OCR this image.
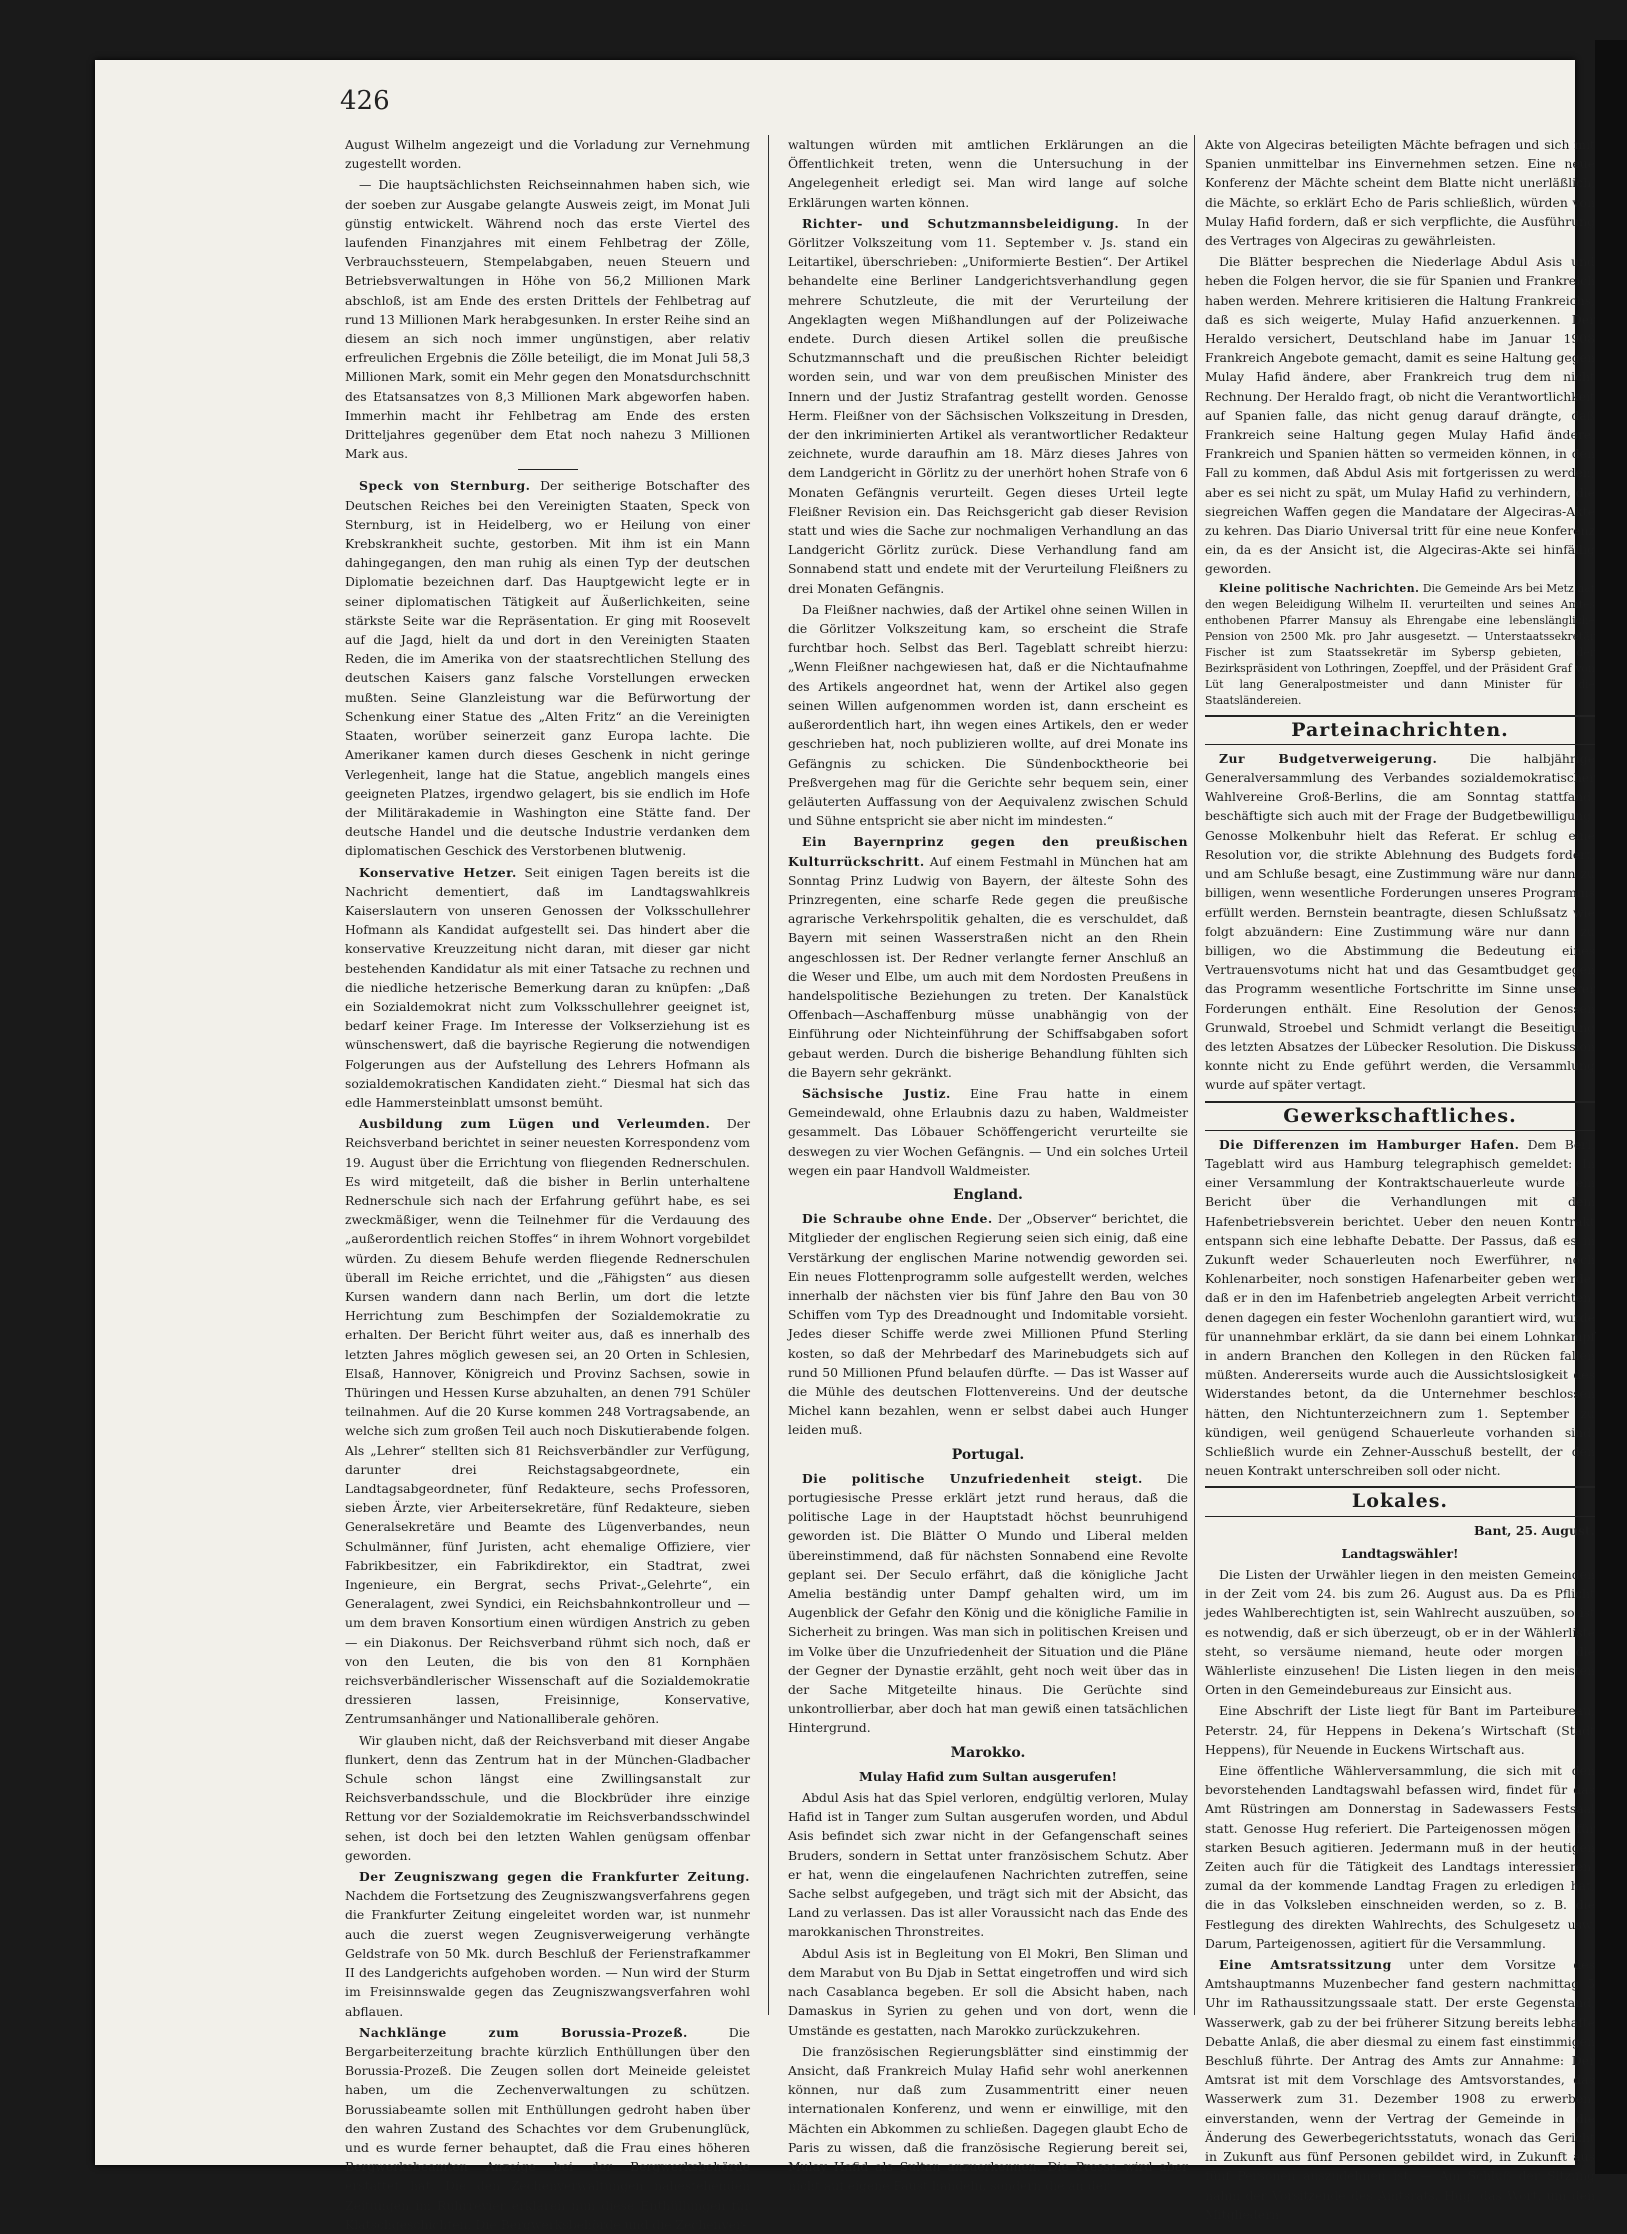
426

August Wilhelm angezeigt und die Vorladung zur Vernehmung zugestellt worden.

— Die hauptsächlichsten Reichseinnahmen haben sich, wie der soeben zur Ausgabe gelangte Ausweis zeigt, im Monat Juli günstig entwickelt. Während noch das erste Viertel des laufenden Finanzjahres mit einem Fehlbetrag der Zölle, Verbrauchssteuern, Stempelabgaben, neuen Steuern und Betriebsverwaltungen in Höhe von 56,2 Millionen Mark abschloß, ist am Ende des ersten Drittels der Fehlbetrag auf rund 13 Millionen Mark herabgesunken. In erster Reihe sind an diesem an sich noch immer ungünstigen, aber relativ erfreulichen Ergebnis die Zölle beteiligt, die im Monat Juli 58,3 Millionen Mark, somit ein Mehr gegen den Monatsdurchschnitt des Etatsansatzes von 8,3 Millionen Mark abgeworfen haben. Immerhin macht ihr Fehlbetrag am Ende des ersten Dritteljahres gegenüber dem Etat noch nahezu 3 Millionen Mark aus.

Speck von Sternburg. Der seitherige Botschafter des Deutschen Reiches bei den Vereinigten Staaten, Speck von Sternburg, ist in Heidelberg, wo er Heilung von einer Krebskrankheit suchte, gestorben. Mit ihm ist ein Mann dahingegangen, den man ruhig als einen Typ der deutschen Diplomatie bezeichnen darf. Das Hauptgewicht legte er in seiner diplomatischen Tätigkeit auf Äußerlichkeiten, seine stärkste Seite war die Repräsentation. Er ging mit Roosevelt auf die Jagd, hielt da und dort in den Vereinigten Staaten Reden, die im Amerika von der staatsrechtlichen Stellung des deutschen Kaisers ganz falsche Vorstellungen erwecken mußten. Seine Glanzleistung war die Befürwortung der Schenkung einer Statue des „Alten Fritz“ an die Vereinigten Staaten, worüber seinerzeit ganz Europa lachte. Die Amerikaner kamen durch dieses Geschenk in nicht geringe Verlegenheit, lange hat die Statue, angeblich mangels eines geeigneten Platzes, irgendwo gelagert, bis sie endlich im Hofe der Militärakademie in Washington eine Stätte fand. Der deutsche Handel und die deutsche Industrie verdanken dem diplomatischen Geschick des Verstorbenen blutwenig.

Konservative Hetzer. Seit einigen Tagen bereits ist die Nachricht dementiert, daß im Landtagswahlkreis Kaiserslautern von unseren Genossen der Volksschullehrer Hofmann als Kandidat aufgestellt sei. Das hindert aber die konservative Kreuzzeitung nicht daran, mit dieser gar nicht bestehenden Kandidatur als mit einer Tatsache zu rechnen und die niedliche hetzerische Bemerkung daran zu knüpfen: „Daß ein Sozialdemokrat nicht zum Volksschullehrer geeignet ist, bedarf keiner Frage. Im Interesse der Volkserziehung ist es wünschenswert, daß die bayrische Regierung die notwendigen Folgerungen aus der Aufstellung des Lehrers Hofmann als sozialdemokratischen Kandidaten zieht.“ Diesmal hat sich das edle Hammersteinblatt umsonst bemüht.

Ausbildung zum Lügen und Verleumden. Der Reichsverband berichtet in seiner neuesten Korrespondenz vom 19. August über die Errichtung von fliegenden Rednerschulen. Es wird mitgeteilt, daß die bisher in Berlin unterhaltene Rednerschule sich nach der Erfahrung geführt habe, es sei zweckmäßiger, wenn die Teilnehmer für die Verdauung des „außerordentlich reichen Stoffes“ in ihrem Wohnort vorgebildet würden. Zu diesem Behufe werden fliegende Rednerschulen überall im Reiche errichtet, und die „Fähigsten“ aus diesen Kursen wandern dann nach Berlin, um dort die letzte Herrichtung zum Beschimpfen der Sozialdemokratie zu erhalten. Der Bericht führt weiter aus, daß es innerhalb des letzten Jahres möglich gewesen sei, an 20 Orten in Schlesien, Elsaß, Hannover, Königreich und Provinz Sachsen, sowie in Thüringen und Hessen Kurse abzuhalten, an denen 791 Schüler teilnahmen. Auf die 20 Kurse kommen 248 Vortragsabende, an welche sich zum großen Teil auch noch Diskutierabende folgen. Als „Lehrer“ stellten sich 81 Reichsverbändler zur Verfügung, darunter drei Reichstagsabgeordnete, ein Landtagsabgeordneter, fünf Redakteure, sechs Professoren, sieben Ärzte, vier Arbeitersekretäre, fünf Redakteure, sieben Generalsekretäre und Beamte des Lügenverbandes, neun Schulmänner, fünf Juristen, acht ehemalige Offiziere, vier Fabrikbesitzer, ein Fabrikdirektor, ein Stadtrat, zwei Ingenieure, ein Bergrat, sechs Privat-„Gelehrte“, ein Generalagent, zwei Syndici, ein Reichsbahnkontrolleur und — um dem braven Konsortium einen würdigen Anstrich zu geben — ein Diakonus. Der Reichsverband rühmt sich noch, daß er von den Leuten, die bis von den 81 Kornphäen reichsverbändlerischer Wissenschaft auf die Sozialdemokratie dressieren lassen, Freisinnige, Konservative, Zentrumsanhänger und Nationalliberale gehören.

Wir glauben nicht, daß der Reichsverband mit dieser Angabe flunkert, denn das Zentrum hat in der München-Gladbacher Schule schon längst eine Zwillingsanstalt zur Reichsverbandsschule, und die Blockbrüder ihre einzige Rettung vor der Sozialdemokratie im Reichsverbandsschwindel sehen, ist doch bei den letzten Wahlen genügsam offenbar geworden.

Der Zeugniszwang gegen die Frankfurter Zeitung. Nachdem die Fortsetzung des Zeugniszwangsverfahrens gegen die Frankfurter Zeitung eingeleitet worden war, ist nunmehr auch die zuerst wegen Zeugnisverweigerung verhängte Geldstrafe von 50 Mk. durch Beschluß der Ferienstrafkammer II des Landgerichts aufgehoben worden. — Nun wird der Sturm im Freisinnswalde gegen das Zeugniszwangsverfahren wohl abflauen.

Nachklänge zum Borussia-Prozeß. Die Bergarbeiterzeitung brachte kürzlich Enthüllungen über den Borussia-Prozeß. Die Zeugen sollen dort Meineide geleistet haben, um die Zechenverwaltungen zu schützen. Borussiabeamte sollen mit Enthüllungen gedroht haben über den wahren Zustand des Schachtes vor dem Grubenunglück, und es wurde ferner behauptet, daß die Frau eines höheren Bergwerksbeamten Anzeige bei der Bergwerksbehörde erstattet hat. Die den Zechenverwaltungen nahestehenden Zeitungen im Ruhrrevier erklären nun diese Enthüllungen für Klatschgeschichten. Die Bergwerksbehörde und die Zechenver-

waltungen würden mit amtlichen Erklärungen an die Öffentlichkeit treten, wenn die Untersuchung in der Angelegenheit erledigt sei. Man wird lange auf solche Erklärungen warten können.

Richter- und Schutzmannsbeleidigung. In der Görlitzer Volkszeitung vom 11. September v. Js. stand ein Leitartikel, überschrieben: „Uniformierte Bestien“. Der Artikel behandelte eine Berliner Landgerichtsverhandlung gegen mehrere Schutzleute, die mit der Verurteilung der Angeklagten wegen Mißhandlungen auf der Polizeiwache endete. Durch diesen Artikel sollen die preußische Schutzmannschaft und die preußischen Richter beleidigt worden sein, und war von dem preußischen Minister des Innern und der Justiz Strafantrag gestellt worden. Genosse Herm. Fleißner von der Sächsischen Volkszeitung in Dresden, der den inkriminierten Artikel als verantwortlicher Redakteur zeichnete, wurde daraufhin am 18. März dieses Jahres von dem Landgericht in Görlitz zu der unerhört hohen Strafe von 6 Monaten Gefängnis verurteilt. Gegen dieses Urteil legte Fleißner Revision ein. Das Reichsgericht gab dieser Revision statt und wies die Sache zur nochmaligen Verhandlung an das Landgericht Görlitz zurück. Diese Verhandlung fand am Sonnabend statt und endete mit der Verurteilung Fleißners zu drei Monaten Gefängnis.

Da Fleißner nachwies, daß der Artikel ohne seinen Willen in die Görlitzer Volkszeitung kam, so erscheint die Strafe furchtbar hoch. Selbst das Berl. Tageblatt schreibt hierzu: „Wenn Fleißner nachgewiesen hat, daß er die Nichtaufnahme des Artikels angeordnet hat, wenn der Artikel also gegen seinen Willen aufgenommen worden ist, dann erscheint es außerordentlich hart, ihn wegen eines Artikels, den er weder geschrieben hat, noch publizieren wollte, auf drei Monate ins Gefängnis zu schicken. Die Sündenbocktheorie bei Preßvergehen mag für die Gerichte sehr bequem sein, einer geläuterten Auffassung von der Aequivalenz zwischen Schuld und Sühne entspricht sie aber nicht im mindesten.“

Ein Bayernprinz gegen den preußischen Kulturrückschritt. Auf einem Festmahl in München hat am Sonntag Prinz Ludwig von Bayern, der älteste Sohn des Prinzregenten, eine scharfe Rede gegen die preußische agrarische Verkehrspolitik gehalten, die es verschuldet, daß Bayern mit seinen Wasserstraßen nicht an den Rhein angeschlossen ist. Der Redner verlangte ferner Anschluß an die Weser und Elbe, um auch mit dem Nordosten Preußens in handelspolitische Beziehungen zu treten. Der Kanalstück Offenbach—Aschaffenburg müsse unabhängig von der Einführung oder Nichteinführung der Schiffsabgaben sofort gebaut werden. Durch die bisherige Behandlung fühlten sich die Bayern sehr gekränkt.

Sächsische Justiz. Eine Frau hatte in einem Gemeindewald, ohne Erlaubnis dazu zu haben, Waldmeister gesammelt. Das Löbauer Schöffengericht verurteilte sie deswegen zu vier Wochen Gefängnis. — Und ein solches Urteil wegen ein paar Handvoll Waldmeister.

England.

Die Schraube ohne Ende. Der „Observer“ berichtet, die Mitglieder der englischen Regierung seien sich einig, daß eine Verstärkung der englischen Marine notwendig geworden sei. Ein neues Flottenprogramm solle aufgestellt werden, welches innerhalb der nächsten vier bis fünf Jahre den Bau von 30 Schiffen vom Typ des Dreadnought und Indomitable vorsieht. Jedes dieser Schiffe werde zwei Millionen Pfund Sterling kosten, so daß der Mehrbedarf des Marinebudgets sich auf rund 50 Millionen Pfund belaufen dürfte. — Das ist Wasser auf die Mühle des deutschen Flottenvereins. Und der deutsche Michel kann bezahlen, wenn er selbst dabei auch Hunger leiden muß.

Portugal.

Die politische Unzufriedenheit steigt. Die portugiesische Presse erklärt jetzt rund heraus, daß die politische Lage in der Hauptstadt höchst beunruhigend geworden ist. Die Blätter O Mundo und Liberal melden übereinstimmend, daß für nächsten Sonnabend eine Revolte geplant sei. Der Seculo erfährt, daß die königliche Jacht Amelia beständig unter Dampf gehalten wird, um im Augenblick der Gefahr den König und die königliche Familie in Sicherheit zu bringen. Was man sich in politischen Kreisen und im Volke über die Unzufriedenheit der Situation und die Pläne der Gegner der Dynastie erzählt, geht noch weit über das in der Sache Mitgeteilte hinaus. Die Gerüchte sind unkontrollierbar, aber doch hat man gewiß einen tatsächlichen Hintergrund.

Marokko.
Mulay Hafid zum Sultan ausgerufen!

Abdul Asis hat das Spiel verloren, endgültig verloren, Mulay Hafid ist in Tanger zum Sultan ausgerufen worden, und Abdul Asis befindet sich zwar nicht in der Gefangenschaft seines Bruders, sondern in Settat unter französischem Schutz. Aber er hat, wenn die eingelaufenen Nachrichten zutreffen, seine Sache selbst aufgegeben, und trägt sich mit der Absicht, das Land zu verlassen. Das ist aller Voraussicht nach das Ende des marokkanischen Thronstreites.

Abdul Asis ist in Begleitung von El Mokri, Ben Sliman und dem Marabut von Bu Djab in Settat eingetroffen und wird sich nach Casablanca begeben. Er soll die Absicht haben, nach Damaskus in Syrien zu gehen und von dort, wenn die Umstände es gestatten, nach Marokko zurückzukehren.

Die französischen Regierungsblätter sind einstimmig der Ansicht, daß Frankreich Mulay Hafid sehr wohl anerkennen können, nur daß zum Zusammentritt einer neuen internationalen Konferenz, und wenn er einwillige, mit den Mächten ein Abkommen zu schließen. Dagegen glaubt Echo de Paris zu wissen, daß die französische Regierung bereit sei, Mulay Hafid als Sultan anzuerkennen. Die Presse wird aber nicht auf eigene Faust handeln, sondern die an der

Akte von Algeciras beteiligten Mächte befragen und sich mit Spanien unmittelbar ins Einvernehmen setzen. Eine neue Konferenz der Mächte scheint dem Blatte nicht unerläßlich, die Mächte, so erklärt Echo de Paris schließlich, würden von Mulay Hafid fordern, daß er sich verpflichte, die Ausführung des Vertrages von Algeciras zu gewährleisten.

Die Blätter besprechen die Niederlage Abdul Asis und heben die Folgen hervor, die sie für Spanien und Frankreich haben werden. Mehrere kritisieren die Haltung Frankreichs, daß es sich weigerte, Mulay Hafid anzuerkennen. Der Heraldo versichert, Deutschland habe im Januar 1908 Frankreich Angebote gemacht, damit es seine Haltung gegen Mulay Hafid ändere, aber Frankreich trug dem nicht Rechnung. Der Heraldo fragt, ob nicht die Verantwortlichkeit auf Spanien falle, das nicht genug darauf drängte, daß Frankreich seine Haltung gegen Mulay Hafid ändere. Frankreich und Spanien hätten so vermeiden können, in den Fall zu kommen, daß Abdul Asis mit fortgerissen zu werden; aber es sei nicht zu spät, um Mulay Hafid zu verhindern, die siegreichen Waffen gegen die Mandatare der Algeciras-Akte zu kehren. Das Diario Universal tritt für eine neue Konferenz ein, da es der Ansicht ist, die Algeciras-Akte sei hinfällig geworden.

Kleine politische Nachrichten. Die Gemeinde Ars bei Metz hat den wegen Beleidigung Wilhelm II. verurteilten und seines Amtes enthobenen Pfarrer Mansuy als Ehrengabe eine lebenslängliche Pension von 2500 Mk. pro Jahr ausgesetzt. — Unterstaatssekretär Fischer ist zum Staatssekretär im Sybersp gebieten, der Bezirkspräsident von Lothringen, Zoepffel, und der Präsident Graf von Lüt lang Generalpostmeister und dann Minister für die Staatsländereien.

Parteinachrichten.

Zur Budgetverweigerung. Die halbjährige Generalversammlung des Verbandes sozialdemokratischer Wahlvereine Groß-Berlins, die am Sonntag stattfand, beschäftigte sich auch mit der Frage der Budgetbewilligung. Genosse Molkenbuhr hielt das Referat. Er schlug eine Resolution vor, die strikte Ablehnung des Budgets fordert, und am Schluße besagt, eine Zustimmung wäre nur dann zu billigen, wenn wesentliche Forderungen unseres Programms erfüllt werden. Bernstein beantragte, diesen Schlußsatz wie folgt abzuändern: Eine Zustimmung wäre nur dann zu billigen, wo die Abstimmung die Bedeutung eines Vertrauensvotums nicht hat und das Gesamtbudget gegen das Programm wesentliche Fortschritte im Sinne unserer Forderungen enthält. Eine Resolution der Genossen Grunwald, Stroebel und Schmidt verlangt die Beseitigung des letzten Absatzes der Lübecker Resolution. Die Diskussion konnte nicht zu Ende geführt werden, die Versammlung wurde auf später vertagt.

Gewerkschaftliches.

Die Differenzen im Hamburger Hafen. Dem Berl. Tageblatt wird aus Hamburg telegraphisch gemeldet: In einer Versammlung der Kontraktschauerleute wurde ein Bericht über die Verhandlungen mit dem Hafenbetriebsverein berichtet. Ueber den neuen Kontrakt entspann sich eine lebhafte Debatte. Der Passus, daß es in Zukunft weder Schauerleuten noch Ewerführer, noch Kohlenarbeiter, noch sonstigen Hafenarbeiter geben werde, daß er in den im Hafenbetrieb angelegten Arbeit verrichten, denen dagegen ein fester Wochenlohn garantiert wird, wurde für unannehmbar erklärt, da sie dann bei einem Lohnkampf in andern Branchen den Kollegen in den Rücken fallen müßten. Andererseits wurde auch die Aussichtslosigkeit des Widerstandes betont, da die Unternehmer beschlossen hätten, den Nichtunterzeichnern zum 1. September zu kündigen, weil genügend Schauerleute vorhanden sind. Schließlich wurde ein Zehner-Ausschuß bestellt, der den neuen Kontrakt unterschreiben soll oder nicht.

Lokales.

Bant, 25. August.

Landtagswähler!

Die Listen der Urwähler liegen in den meisten Gemeinden in der Zeit vom 24. bis zum 26. August aus. Da es Pflicht jedes Wahlberechtigten ist, sein Wahlrecht auszuüben, so ist es notwendig, daß er sich überzeugt, ob er in der Wählerliste steht, so versäume niemand, heute oder morgen die Wählerliste einzusehen! Die Listen liegen in den meisten Orten in den Gemeindebureaus zur Einsicht aus.

Eine Abschrift der Liste liegt für Bant im Parteibureau, Peterstr. 24, für Heppens in Dekena’s Wirtschaft (Stadt Heppens), für Neuende in Euckens Wirtschaft aus.

Eine öffentliche Wählerversammlung, die sich mit den bevorstehenden Landtagswahl befassen wird, findet für das Amt Rüstringen am Donnerstag in Sadewassers Festsaal statt. Genosse Hug referiert. Die Parteigenossen mögen für starken Besuch agitieren. Jedermann muß in der heutigen Zeiten auch für die Tätigkeit des Landtags interessieren, zumal da der kommende Landtag Fragen zu erledigen hat, die in das Volksleben einschneiden werden, so z. B. die Festlegung des direkten Wahlrechts, des Schulgesetz usw. Darum, Parteigenossen, agitiert für die Versammlung.

Eine Amtsratssitzung unter dem Vorsitze des Amtshauptmanns Muzenbecher fand gestern nachmittag 5 Uhr im Rathaussitzungssaale statt. Der erste Gegenstand, Wasserwerk, gab zu der bei früherer Sitzung bereits lebhafte Debatte Anlaß, die aber diesmal zu einem fast einstimmigen Beschluß führte. Der Antrag des Amts zur Annahme: Der Amtsrat ist mit dem Vorschlage des Amtsvorstandes, das Wasserwerk zum 31. Dezember 1908 zu erwerben, einverstanden, wenn der Vertrag der Gemeinde in die Änderung des Gewerbegerichtsstatuts, wonach das Gericht in Zukunft aus fünf Personen gebildet wird, in Zukunft aus fünf Personen auszudehnen ist. — Am Schluß der Sitzung nahm der Vorsitzende des Amtsrats, Hug, das Wort, um den Mitgliedern
